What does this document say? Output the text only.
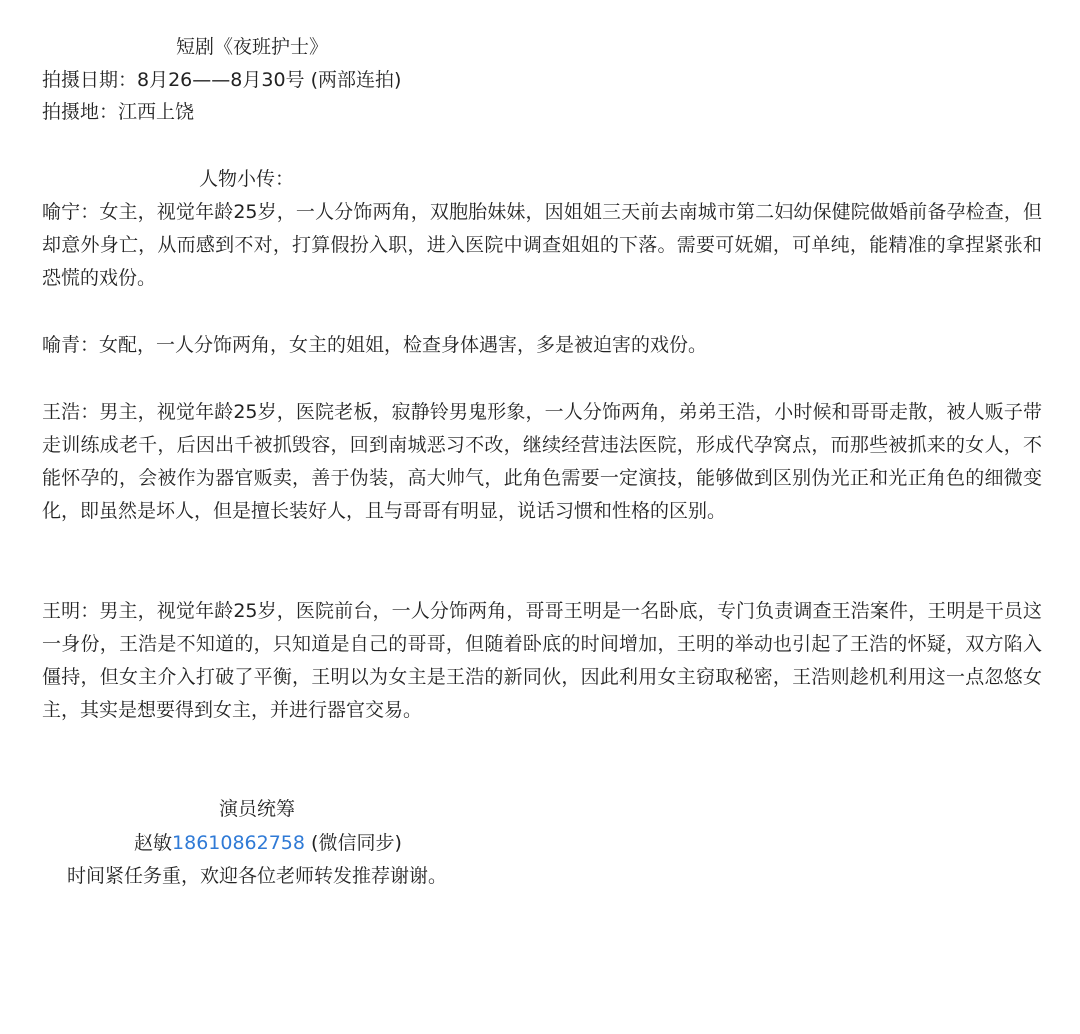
短剧《夜班护士》
拍摄日期：8月26——8月30号 (两部连拍)
拍摄地：江西上饶
人物小传：
喻宁：女主，视觉年龄25岁，一人分饰两角，双胞胎妹妹，因姐姐三天前去南城市第二妇幼保健院做婚前备孕检查，但却意外身亡，从而感到不对，打算假扮入职，进入医院中调查姐姐的下落。需要可妩媚，可单纯，能精准的拿捏紧张和恐慌的戏份。
喻青：女配，一人分饰两角，女主的姐姐，检查身体遇害，多是被迫害的戏份。
王浩：男主，视觉年龄25岁，医院老板，寂静铃男鬼形象，一人分饰两角，弟弟王浩，小时候和哥哥走散，被人贩子带走训练成老千，后因出千被抓毁容，回到南城恶习不改，继续经营违法医院，形成代孕窝点，而那些被抓来的女人，不能怀孕的，会被作为器官贩卖，善于伪装，高大帅气，此角色需要一定演技，能够做到区别伪光正和光正角色的细微变化，即虽然是坏人，但是擅长装好人，且与哥哥有明显，说话习惯和性格的区别。
王明：男主，视觉年龄25岁，医院前台，一人分饰两角，哥哥王明是一名卧底，专门负责调查王浩案件，王明是干员这一身份，王浩是不知道的，只知道是自己的哥哥，但随着卧底的时间增加，王明的举动也引起了王浩的怀疑，双方陷入僵持，但女主介入打破了平衡，王明以为女主是王浩的新同伙，因此利用女主窃取秘密，王浩则趁机利用这一点忽悠女主，其实是想要得到女主，并进行器官交易。
演员统筹
赵敏18610862758 (微信同步)
时间紧任务重，欢迎各位老师转发推荐谢谢。
